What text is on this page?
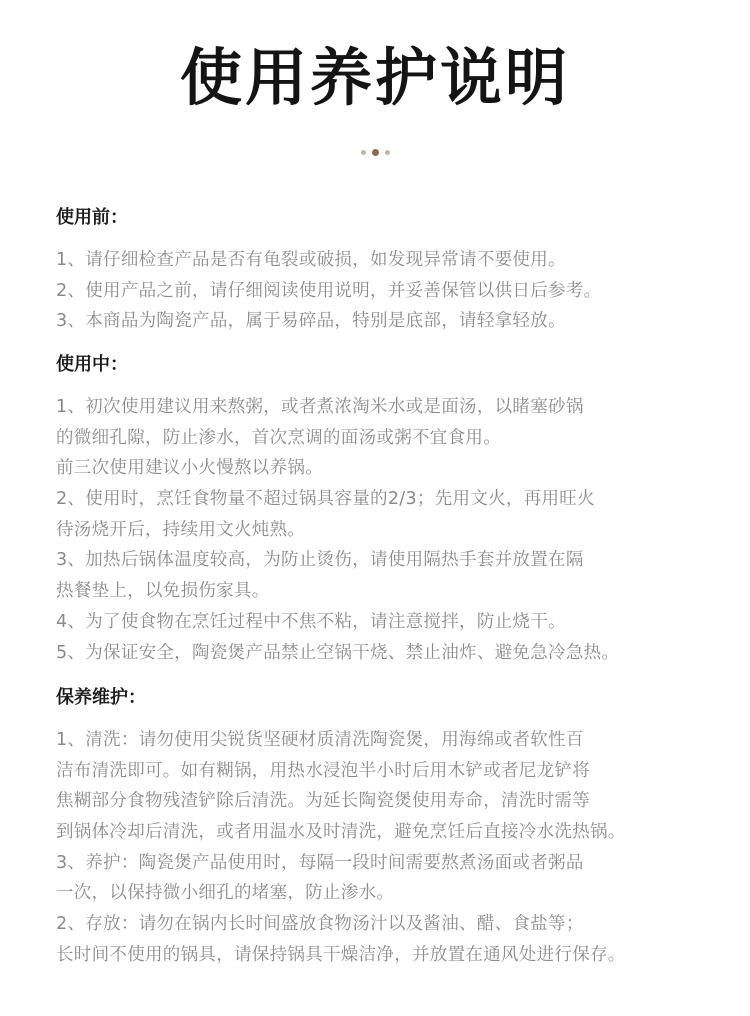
使用养护说明
使用前：
1、请仔细检查产品是否有龟裂或破损，如发现异常请不要使用。
2、使用产品之前，请仔细阅读使用说明，并妥善保管以供日后参考。
3、本商品为陶瓷产品，属于易碎品，特别是底部，请轻拿轻放。
使用中：
1、初次使用建议用来熬粥，或者煮浓淘米水或是面汤，以睹塞砂锅
的微细孔隙，防止渗水，首次烹调的面汤或粥不宜食用。
前三次使用建议小火慢熬以养锅。
2、使用时，烹饪食物量不超过锅具容量的2/3；先用文火，再用旺火
待汤烧开后，持续用文火炖熟。
3、加热后锅体温度较高，为防止烫伤，请使用隔热手套并放置在隔
热餐垫上，以免损伤家具。
4、为了使食物在烹饪过程中不焦不粘，请注意搅拌，防止烧干。
5、为保证安全，陶瓷煲产品禁止空锅干烧、禁止油炸、避免急冷急热。
保养维护：
1、清洗：请勿使用尖锐货坚硬材质清洗陶瓷煲，用海绵或者软性百
洁布清洗即可。如有糊锅，用热水浸泡半小时后用木铲或者尼龙铲将
焦糊部分食物残渣铲除后清洗。为延长陶瓷煲使用寿命，清洗时需等
到锅体冷却后清洗，或者用温水及时清洗，避免烹饪后直接冷水洗热锅。
3、养护：陶瓷煲产品使用时，每隔一段时间需要熬煮汤面或者粥品
一次，以保持微小细孔的堵塞，防止渗水。
2、存放：请勿在锅内长时间盛放食物汤汁以及酱油、醋、食盐等；
长时间不使用的锅具，请保持锅具干燥洁净，并放置在通风处进行保存。
